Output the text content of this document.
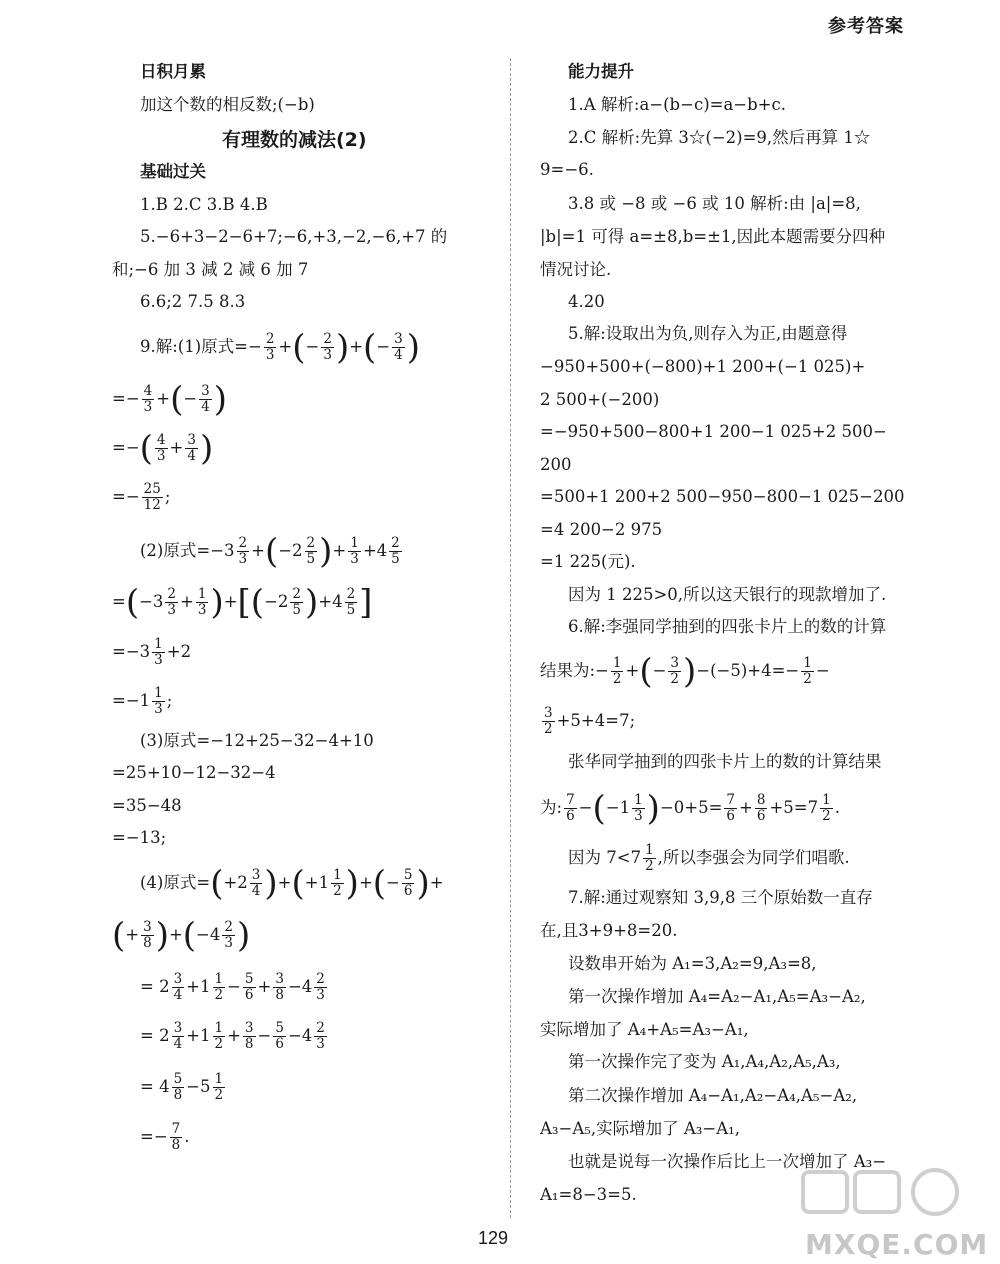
参考答案
日积月累
加这个数的相反数;(−b)
有理数的减法(2)
基础过关
1.B 2.C 3.B 4.B
5.−6+3−2−6+7;−6,+3,−2,−6,+7 的
和;−6 加 3 减 2 减 6 加 7
6.6;2 7.5 8.3
9.解:(1)原式=− $\frac{2}{3}$ +(− $\frac{2}{3}$ )+(− $\frac{3}{4}$ )
=− $\frac{4}{3}$ +(− $\frac{3}{4}$ )
=−( $\frac{4}{3} + \frac{3}{4}$ )
=− $\frac{25}{12}$ ;
(2)原式$=-3 \frac{2}{3} +(-2 \frac{2}{5}$ )+ $\frac{1}{3} +4 \frac{2}{5}$
$=(-3 \frac{2}{3} + \frac{1}{3} )+[(-2 \frac{2}{5} )+4 \frac{2}{5}$ ]
$=-3 \frac{1}{3} +2$
$=-1 \frac{1}{3}$ ;
(3)原式=−12+25−32−4+10
=25+10−12−32−4
=35−48
=−13;
(4)原式$=(+2 \frac{3}{4} )+(+1 \frac{1}{2}$ )+(− $\frac{5}{6}$ )+
(+ $\frac{3}{8} )+(-4 \frac{2}{3}$ )
= $2 \frac{3}{4} +1 \frac{1}{2} - \frac{5}{6} + \frac{3}{8} -4 \frac{2}{3}$
= $2 \frac{3}{4} +1 \frac{1}{2} + \frac{3}{8} - \frac{5}{6} -4 \frac{2}{3}$
= $4 \frac{5}{8} -5 \frac{1}{2}$
=− $\frac{7}{8}$ .
能力提升
1.A 解析:a−(b−c)=a−b+c.
2.C 解析:先算 3☆(−2)=9,然后再算 1☆
9=−6.
3.8 或 −8 或 −6 或 10 解析:由 |a|=8,
|b|=1 可得 a=±8,b=±1,因此本题需要分四种
情况讨论.
4.20
5.解:设取出为负,则存入为正,由题意得
−950+500+(−800)+1 200+(−1 025)+
2 500+(−200)
=−950+500−800+1 200−1 025+2 500−
200
=500+1 200+2 500−950−800−1 025−200
=4 200−2 975
=1 225(元).
因为 1 225>0,所以这天银行的现款增加了.
6.解:李强同学抽到的四张卡片上的数的计算
结果为:− $\frac{1}{2}$ +(− $\frac{3}{2} )-(-5)+4=- \frac{1}{2}$ −
$\frac{3}{2} +5+4=7$;
张华同学抽到的四张卡片上的数的计算结果
为: $\frac{7}{6} -(-1 \frac{1}{3} )-0+5= \frac{7}{6} + \frac{8}{6} +5=7 \frac{1}{2}$ .
因为 $7<7 \frac{1}{2}$ ,所以李强会为同学们唱歌.
7.解:通过观察知 3,9,8 三个原始数一直存
在,且3+9+8=20.
设数串开始为 A₁=3,A₂=9,A₃=8,
第一次操作增加 A₄=A₂−A₁,A₅=A₃−A₂,
实际增加了 A₄+A₅=A₃−A₁,
第一次操作完了变为 A₁,A₄,A₂,A₅,A₃,
第二次操作增加 A₄−A₁,A₂−A₄,A₅−A₂,
A₃−A₅,实际增加了 A₃−A₁,
也就是说每一次操作后比上一次增加了 A₃−
A₁=8−3=5.
129	MXQE.COM
